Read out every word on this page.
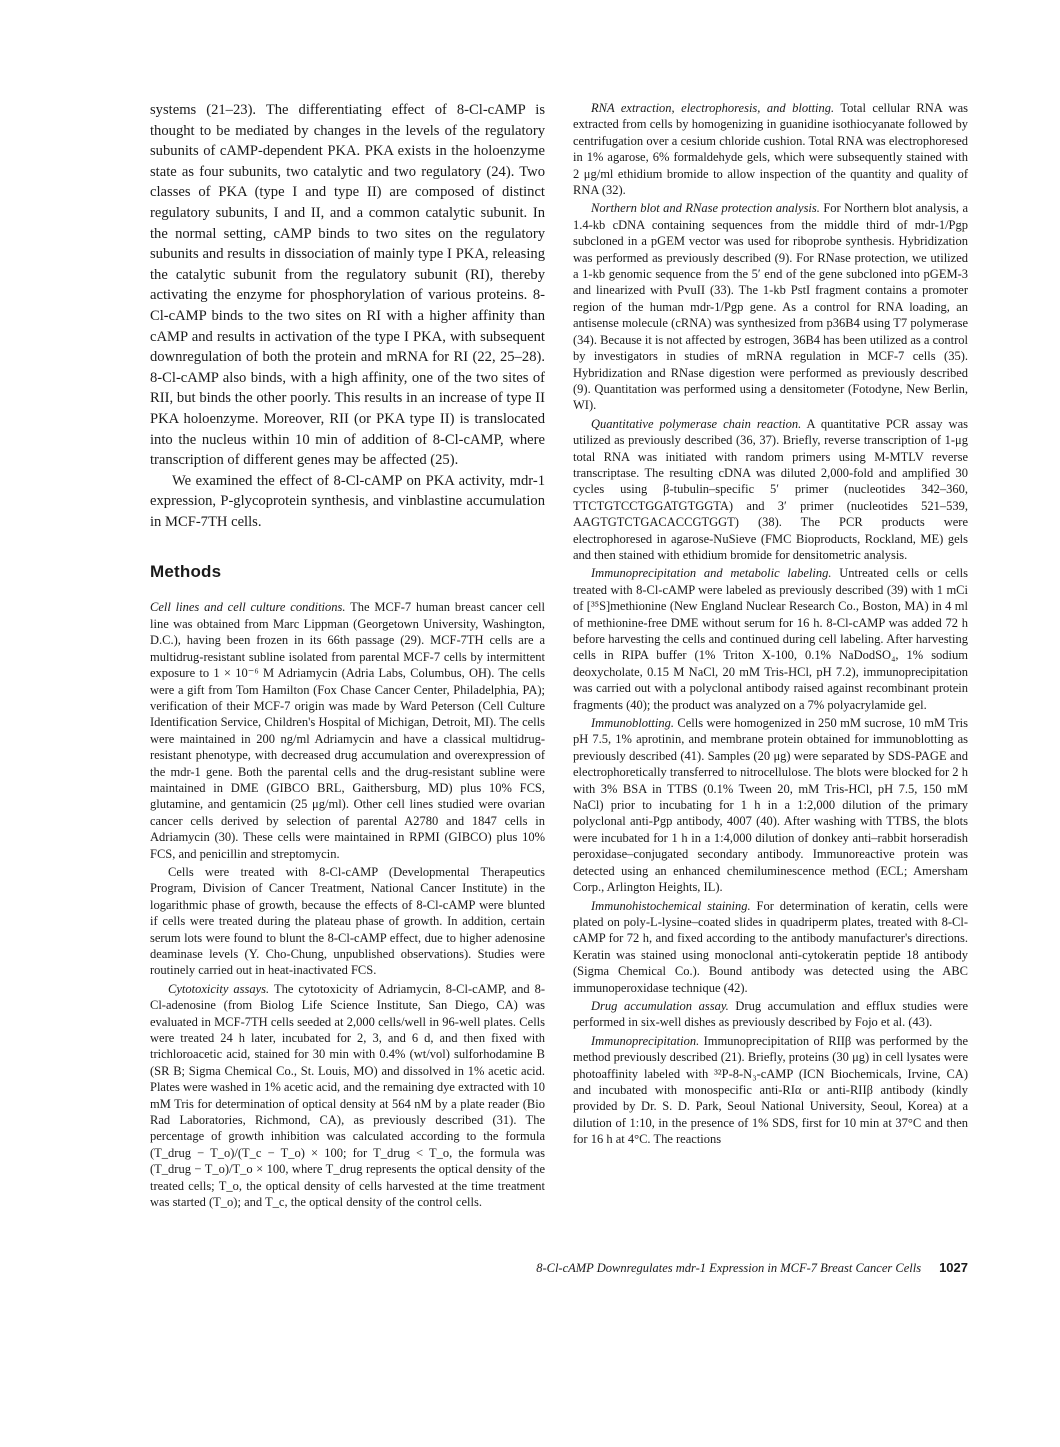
systems (21–23). The differentiating effect of 8-Cl-cAMP is thought to be mediated by changes in the levels of the regulatory subunits of cAMP-dependent PKA. PKA exists in the holoenzyme state as four subunits, two catalytic and two regulatory (24). Two classes of PKA (type I and type II) are composed of distinct regulatory subunits, I and II, and a common catalytic subunit. In the normal setting, cAMP binds to two sites on the regulatory subunits and results in dissociation of mainly type I PKA, releasing the catalytic subunit from the regulatory subunit (RI), thereby activating the enzyme for phosphorylation of various proteins. 8-Cl-cAMP binds to the two sites on RI with a higher affinity than cAMP and results in activation of the type I PKA, with subsequent downregulation of both the protein and mRNA for RI (22, 25–28). 8-Cl-cAMP also binds, with a high affinity, one of the two sites of RII, but binds the other poorly. This results in an increase of type II PKA holoenzyme. Moreover, RII (or PKA type II) is translocated into the nucleus within 10 min of addition of 8-Cl-cAMP, where transcription of different genes may be affected (25).

We examined the effect of 8-Cl-cAMP on PKA activity, mdr-1 expression, P-glycoprotein synthesis, and vinblastine accumulation in MCF-7TH cells.

Methods

Cell lines and cell culture conditions. The MCF-7 human breast cancer cell line was obtained from Marc Lippman (Georgetown University, Washington, D.C.), having been frozen in its 66th passage (29). MCF-7TH cells are a multidrug-resistant subline isolated from parental MCF-7 cells by intermittent exposure to 1 × 10⁻⁶ M Adriamycin (Adria Labs, Columbus, OH). The cells were a gift from Tom Hamilton (Fox Chase Cancer Center, Philadelphia, PA); verification of their MCF-7 origin was made by Ward Peterson (Cell Culture Identification Service, Children's Hospital of Michigan, Detroit, MI). The cells were maintained in 200 ng/ml Adriamycin and have a classical multidrug-resistant phenotype, with decreased drug accumulation and overexpression of the mdr-1 gene. Both the parental cells and the drug-resistant subline were maintained in DME (GIBCO BRL, Gaithersburg, MD) plus 10% FCS, glutamine, and gentamicin (25 μg/ml). Other cell lines studied were ovarian cancer cells derived by selection of parental A2780 and 1847 cells in Adriamycin (30). These cells were maintained in RPMI (GIBCO) plus 10% FCS, and penicillin and streptomycin.

Cells were treated with 8-Cl-cAMP (Developmental Therapeutics Program, Division of Cancer Treatment, National Cancer Institute) in the logarithmic phase of growth, because the effects of 8-Cl-cAMP were blunted if cells were treated during the plateau phase of growth. In addition, certain serum lots were found to blunt the 8-Cl-cAMP effect, due to higher adenosine deaminase levels (Y. Cho-Chung, unpublished observations). Studies were routinely carried out in heat-inactivated FCS.

Cytotoxicity assays. The cytotoxicity of Adriamycin, 8-Cl-cAMP, and 8-Cl-adenosine (from Biolog Life Science Institute, San Diego, CA) was evaluated in MCF-7TH cells seeded at 2,000 cells/well in 96-well plates. Cells were treated 24 h later, incubated for 2, 3, and 6 d, and then fixed with trichloroacetic acid, stained for 30 min with 0.4% (wt/vol) sulforhodamine B (SR B; Sigma Chemical Co., St. Louis, MO) and dissolved in 1% acetic acid. Plates were washed in 1% acetic acid, and the remaining dye extracted with 10 mM Tris for determination of optical density at 564 nM by a plate reader (Bio Rad Laboratories, Richmond, CA), as previously described (31). The percentage of growth inhibition was calculated according to the formula (T_drug − T_o)/(T_c − T_o) × 100; for T_drug < T_o, the formula was (T_drug − T_o)/T_o × 100, where T_drug represents the optical density of the treated cells; T_o, the optical density of cells harvested at the time treatment was started (T_o); and T_c, the optical density of the control cells.

RNA extraction, electrophoresis, and blotting. Total cellular RNA was extracted from cells by homogenizing in guanidine isothiocyanate followed by centrifugation over a cesium chloride cushion. Total RNA was electrophoresed in 1% agarose, 6% formaldehyde gels, which were subsequently stained with 2 μg/ml ethidium bromide to allow inspection of the quantity and quality of RNA (32).

Northern blot and RNase protection analysis. For Northern blot analysis, a 1.4-kb cDNA containing sequences from the middle third of mdr-1/Pgp subcloned in a pGEM vector was used for riboprobe synthesis. Hybridization was performed as previously described (9). For RNase protection, we utilized a 1-kb genomic sequence from the 5′ end of the gene subcloned into pGEM-3 and linearized with PvuII (33). The 1-kb PstI fragment contains a promoter region of the human mdr-1/Pgp gene. As a control for RNA loading, an antisense molecule (cRNA) was synthesized from p36B4 using T7 polymerase (34). Because it is not affected by estrogen, 36B4 has been utilized as a control by investigators in studies of mRNA regulation in MCF-7 cells (35). Hybridization and RNase digestion were performed as previously described (9). Quantitation was performed using a densitometer (Fotodyne, New Berlin, WI).

Quantitative polymerase chain reaction. A quantitative PCR assay was utilized as previously described (36, 37). Briefly, reverse transcription of 1-μg total RNA was initiated with random primers using M-MTLV reverse transcriptase. The resulting cDNA was diluted 2,000-fold and amplified 30 cycles using β-tubulin–specific 5′ primer (nucleotides 342–360, TTCTGTCCTGGATGTGGTA) and 3′ primer (nucleotides 521–539, AAGTGTCTGACACCGTGGT) (38). The PCR products were electrophoresed in agarose-NuSieve (FMC Bioproducts, Rockland, ME) gels and then stained with ethidium bromide for densitometric analysis.

Immunoprecipitation and metabolic labeling. Untreated cells or cells treated with 8-Cl-cAMP were labeled as previously described (39) with 1 mCi of [³⁵S]methionine (New England Nuclear Research Co., Boston, MA) in 4 ml of methionine-free DME without serum for 16 h. 8-Cl-cAMP was added 72 h before harvesting the cells and continued during cell labeling. After harvesting cells in RIPA buffer (1% Triton X-100, 0.1% NaDodSO₄, 1% sodium deoxycholate, 0.15 M NaCl, 20 mM Tris-HCl, pH 7.2), immunoprecipitation was carried out with a polyclonal antibody raised against recombinant protein fragments (40); the product was analyzed on a 7% polyacrylamide gel.

Immunoblotting. Cells were homogenized in 250 mM sucrose, 10 mM Tris pH 7.5, 1% aprotinin, and membrane protein obtained for immunoblotting as previously described (41). Samples (20 μg) were separated by SDS-PAGE and electrophoretically transferred to nitrocellulose. The blots were blocked for 2 h with 3% BSA in TTBS (0.1% Tween 20, mM Tris-HCl, pH 7.5, 150 mM NaCl) prior to incubating for 1 h in a 1:2,000 dilution of the primary polyclonal anti-Pgp antibody, 4007 (40). After washing with TTBS, the blots were incubated for 1 h in a 1:4,000 dilution of donkey anti–rabbit horseradish peroxidase–conjugated secondary antibody. Immunoreactive protein was detected using an enhanced chemiluminescence method (ECL; Amersham Corp., Arlington Heights, IL).

Immunohistochemical staining. For determination of keratin, cells were plated on poly-L-lysine–coated slides in quadriperm plates, treated with 8-Cl-cAMP for 72 h, and fixed according to the antibody manufacturer's directions. Keratin was stained using monoclonal anti-cytokeratin peptide 18 antibody (Sigma Chemical Co.). Bound antibody was detected using the ABC immunoperoxidase technique (42).

Drug accumulation assay. Drug accumulation and efflux studies were performed in six-well dishes as previously described by Fojo et al. (43).

Immunoprecipitation. Immunoprecipitation of RIIβ was performed by the method previously described (21). Briefly, proteins (30 μg) in cell lysates were photoaffinity labeled with ³²P-8-N₃-cAMP (ICN Biochemicals, Irvine, CA) and incubated with monospecific anti-RIα or anti-RIIβ antibody (kindly provided by Dr. S. D. Park, Seoul National University, Seoul, Korea) at a dilution of 1:10, in the presence of 1% SDS, first for 10 min at 37°C and then for 16 h at 4°C. The reactions

8-Cl-cAMP Downregulates mdr-1 Expression in MCF-7 Breast Cancer Cells 1027
